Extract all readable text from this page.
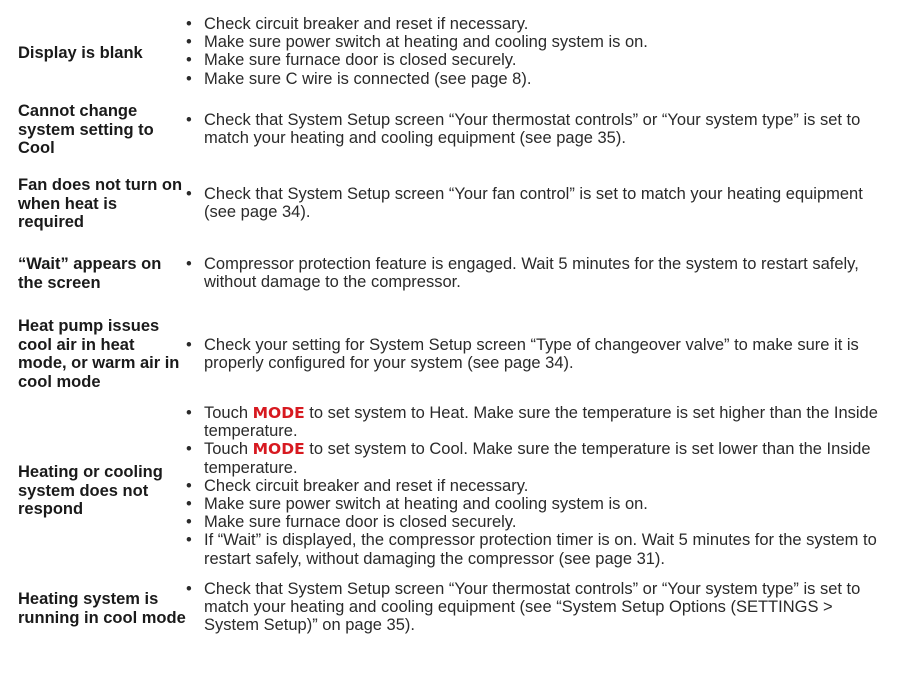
Display is blank
• Check circuit breaker and reset if necessary.
• Make sure power switch at heating and cooling system is on.
• Make sure furnace door is closed securely.
• Make sure C wire is connected (see page 8).
Cannot change system setting to Cool
• Check that System Setup screen “Your thermostat controls” or “Your system type” is set to match your heating and cooling equipment (see page 35).
Fan does not turn on when heat is required
• Check that System Setup screen “Your fan control” is set to match your heating equipment (see page 34).
“Wait” appears on the screen
• Compressor protection feature is engaged. Wait 5 minutes for the system to restart safely, without damage to the compressor.
Heat pump issues cool air in heat mode, or warm air in cool mode
• Check your setting for System Setup screen “Type of changeover valve” to make sure it is properly configured for your system (see page 34).
Heating or cooling system does not respond
• Touch MODE to set system to Heat. Make sure the temperature is set higher than the Inside temperature.
• Touch MODE to set system to Cool. Make sure the temperature is set lower than the Inside temperature.
• Check circuit breaker and reset if necessary.
• Make sure power switch at heating and cooling system is on.
• Make sure furnace door is closed securely.
• If “Wait” is displayed, the compressor protection timer is on. Wait 5 minutes for the system to restart safely, without damaging the compressor (see page 31).
Heating system is running in cool mode
• Check that System Setup screen “Your thermostat controls” or “Your system type” is set to match your heating and cooling equipment (see “System Setup Options (SETTINGS > System Setup)” on page 35).
